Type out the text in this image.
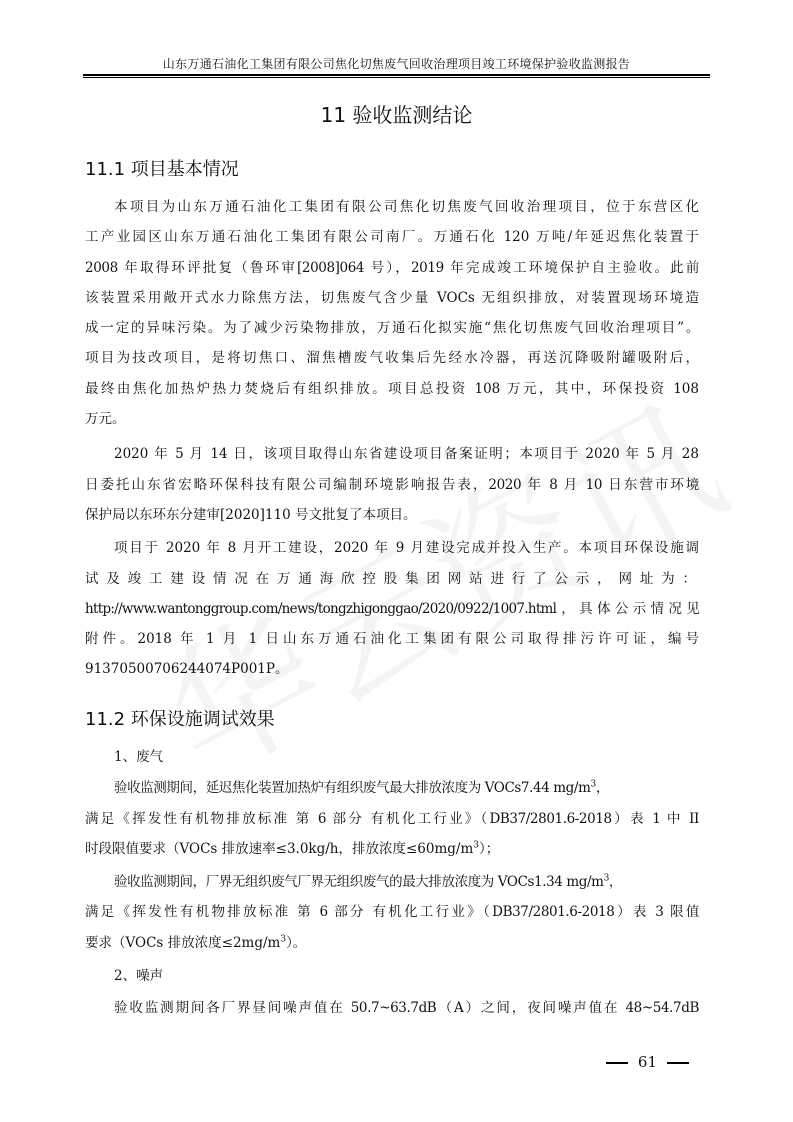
山东万通石油化工集团有限公司焦化切焦废气回收治理项目竣工环境保护验收监测报告
11 验收监测结论
11.1 项目基本情况

本项目为山东万通石油化工集团有限公司焦化切焦废气回收治理项目，位于东营区化
工产业园区山东万通石油化工集团有限公司南厂。万通石化 120 万吨/年延迟焦化装置于
2008 年取得环评批复（鲁环审[2008]064 号），2019 年完成竣工环境保护自主验收。此前
该装置采用敞开式水力除焦方法，切焦废气含少量 VOCs 无组织排放，对装置现场环境造
成一定的异味污染。为了减少污染物排放，万通石化拟实施“焦化切焦废气回收治理项目”。
项目为技改项目，是将切焦口、溜焦槽废气收集后先经水冷器，再送沉降吸附罐吸附后，
最终由焦化加热炉热力焚烧后有组织排放。项目总投资 108 万元，其中，环保投资 108
万元。

2020 年 5 月 14 日，该项目取得山东省建设项目备案证明；本项目于 2020 年 5 月 28
日委托山东省宏略环保科技有限公司编制环境影响报告表，2020 年 8 月 10 日东营市环境
保护局以东环东分建审[2020]110 号文批复了本项目。

项目于 2020 年 8 月开工建设，2020 年 9 月建设完成并投入生产。本项目环保设施调
试及竣工建设情况在万通海欣控股集团网站进行了公示，网址为：
http://www.wantonggroup.com/news/tongzhigonggao/2020/0922/1007.html，具体公示情况见
附件。2018 年 1 月 1 日山东万通石油化工集团有限公司取得排污许可证，编号
91370500706244074P001P。

11.2 环保设施调试效果

1、废气

验收监测期间，延迟焦化装置加热炉有组织废气最大排放浓度为 VOCs7.44 $mg/m^3$，
满足《挥发性有机物排放标准 第 6 部分 有机化工行业》（DB37/2801.6-2018）表 1 中 II
时段限值要求（VOCs 排放速率≤3.0kg/h，排放浓度$\le 60mg/m^3$）；

验收监测期间，厂界无组织废气厂界无组织废气的最大排放浓度为 VOCs1.34 $mg/m^3$，
满足《挥发性有机物排放标准 第 6 部分 有机化工行业》（DB37/2801.6-2018）表 3 限值
要求（VOCs 排放浓度$\le 2mg/m^3$）。

2、噪声

验收监测期间各厂界昼间噪声值在 50.7~63.7dB（A）之间，夜间噪声值在 48~54.7dB

61
